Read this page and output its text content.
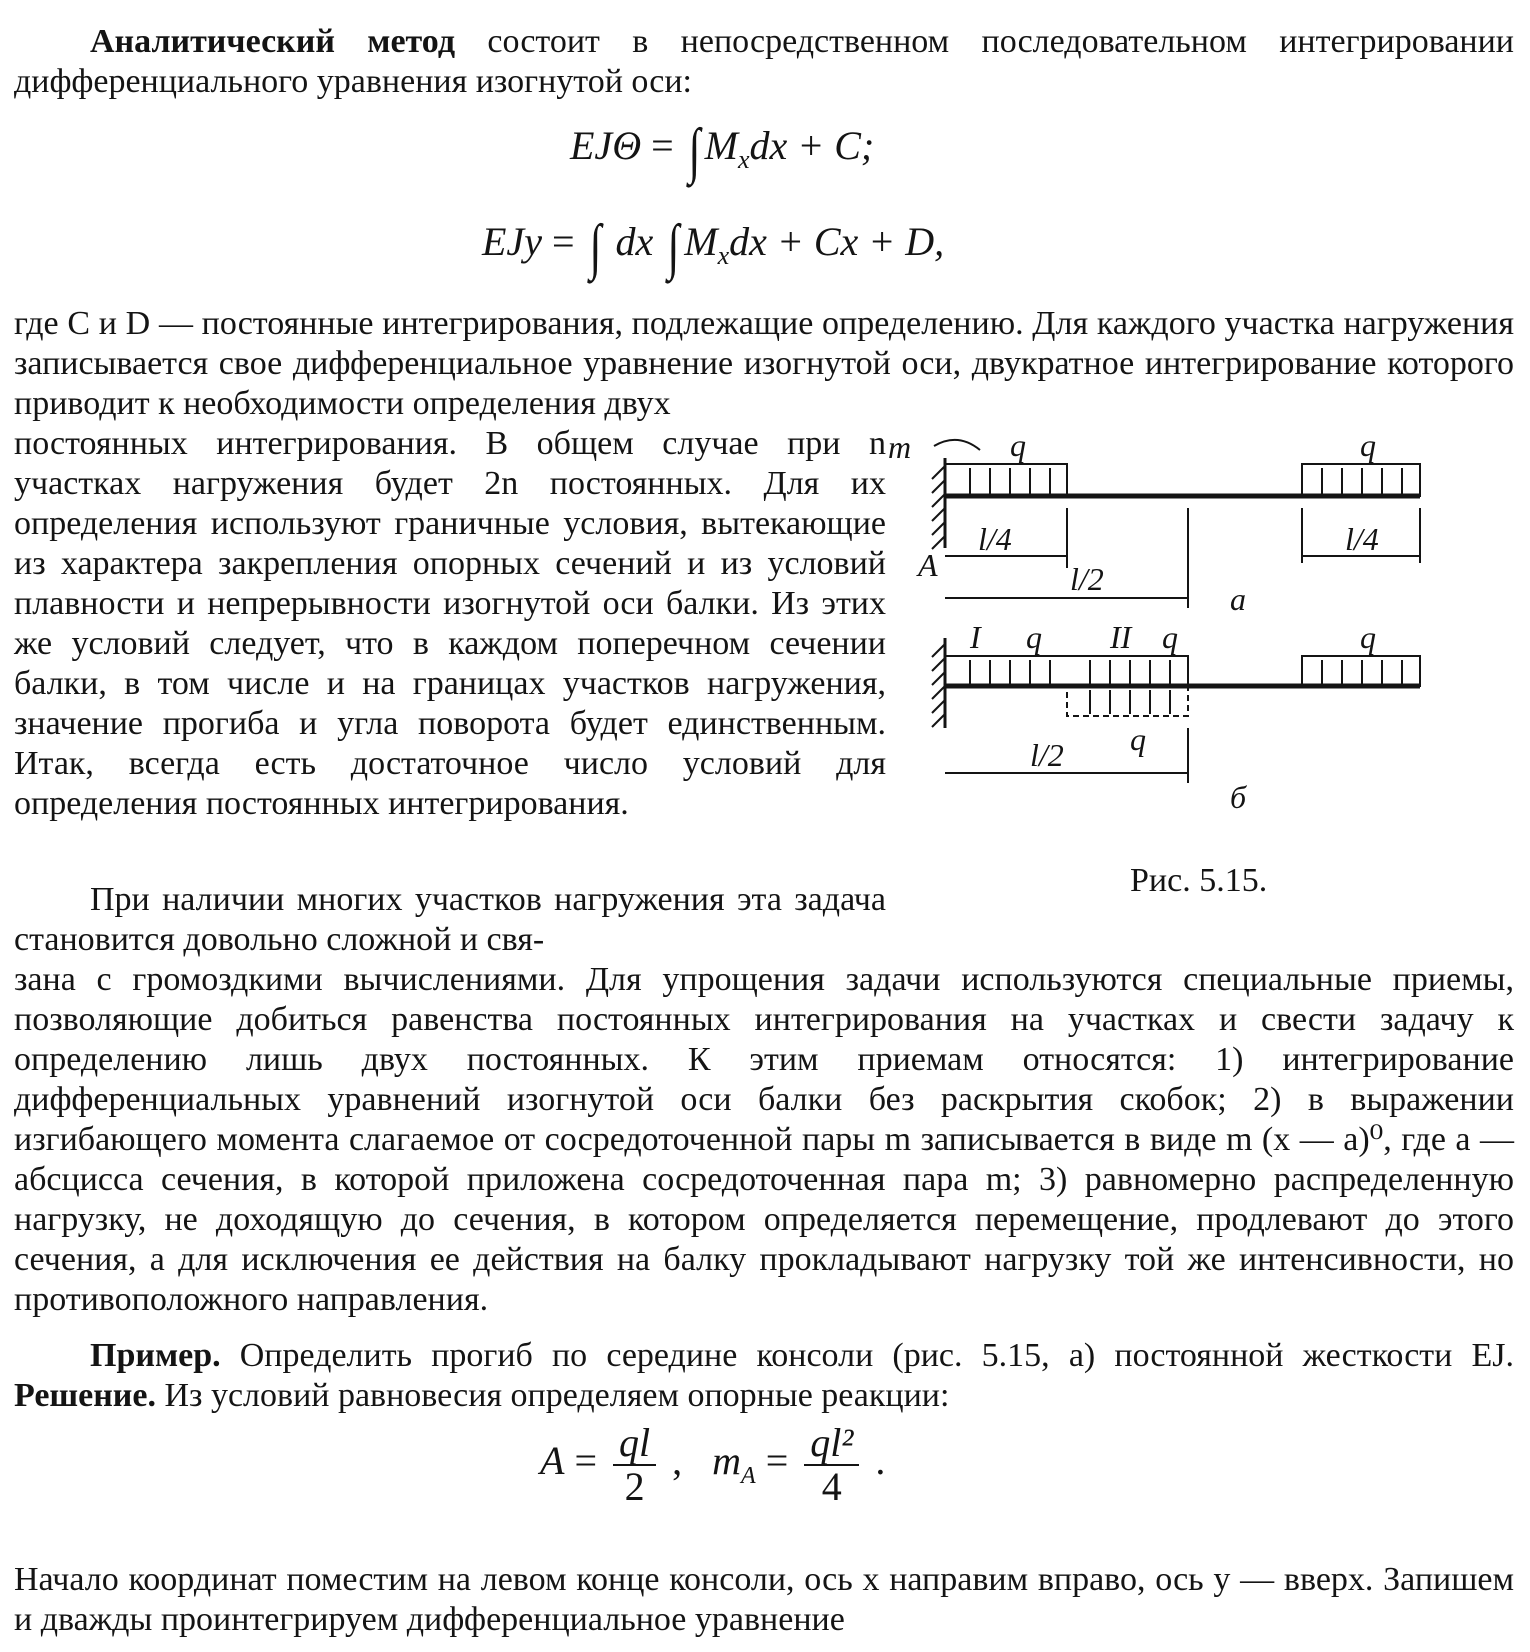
Аналитический метод состоит в непосредственном последовательном интегрировании дифференциального уравнения изогнутой оси:

EJΘ = ∫ $M_xdx + C$;
EJy = ∫ dx ∫ $M_xdx + Cx + D$,

где C и D — постоянные интегрирования, подлежащие определению. Для каждого участка нагружения записывается свое дифференциальное уравнение изогнутой оси, двукратное интегрирование которого приводит к необходимости определения двух

постоянных интегрирования. В общем случае при n участках нагружения будет 2n постоянных. Для их определения используют граничные условия, вытекающие из характера закрепления опорных сечений и из условий плавности и непрерывности изогнутой оси балки. Из этих же условий следует, что в каждом поперечном сечении балки, в том числе и на границах участков нагружения, значение прогиба и угла поворота будет единственным. Итак, всегда есть достаточное число условий для определения постоянных интегрирования.

При наличии многих участков нагружения эта задача становится довольно сложной и свя-

зана с громоздкими вычислениями. Для упрощения задачи используются специальные приемы, позволяющие добиться равенства постоянных интегрирования на участках и свести задачу к определению лишь двух постоянных. К этим приемам относятся: 1) интегрирование дифференциальных уравнений изогнутой оси балки без раскрытия скобок; 2) в выражении изгибающего момента слагаемое от сосредоточенной пары m записывается в виде m (x — a)⁰, где a — абсцисса сечения, в которой приложена сосредоточенная пара m; 3) равномерно распределенную нагрузку, не доходящую до сечения, в котором определяется перемещение, продлевают до этого сечения, а для исключения ее действия на балку прокладывают нагрузку той же интенсивности, но противоположного направления.

Пример. Определить прогиб по середине консоли (рис. 5.15, а) постоянной жесткости EJ. Решение. Из условий равновесия определяем опорные реакции:

$A = \frac{ql}{2}$ ,   $m_A = \frac{\text{ql²}}{4}$ .

Начало координат поместим на левом конце консоли, ось x направим вправо, ось y — вверх. Запишем и дважды проинтегрируем дифференциальное уравнение

m	q	q
A
l/4	l/4
l/2
а
I q II q	q
q
l/2
б
Рис. 5.15.
